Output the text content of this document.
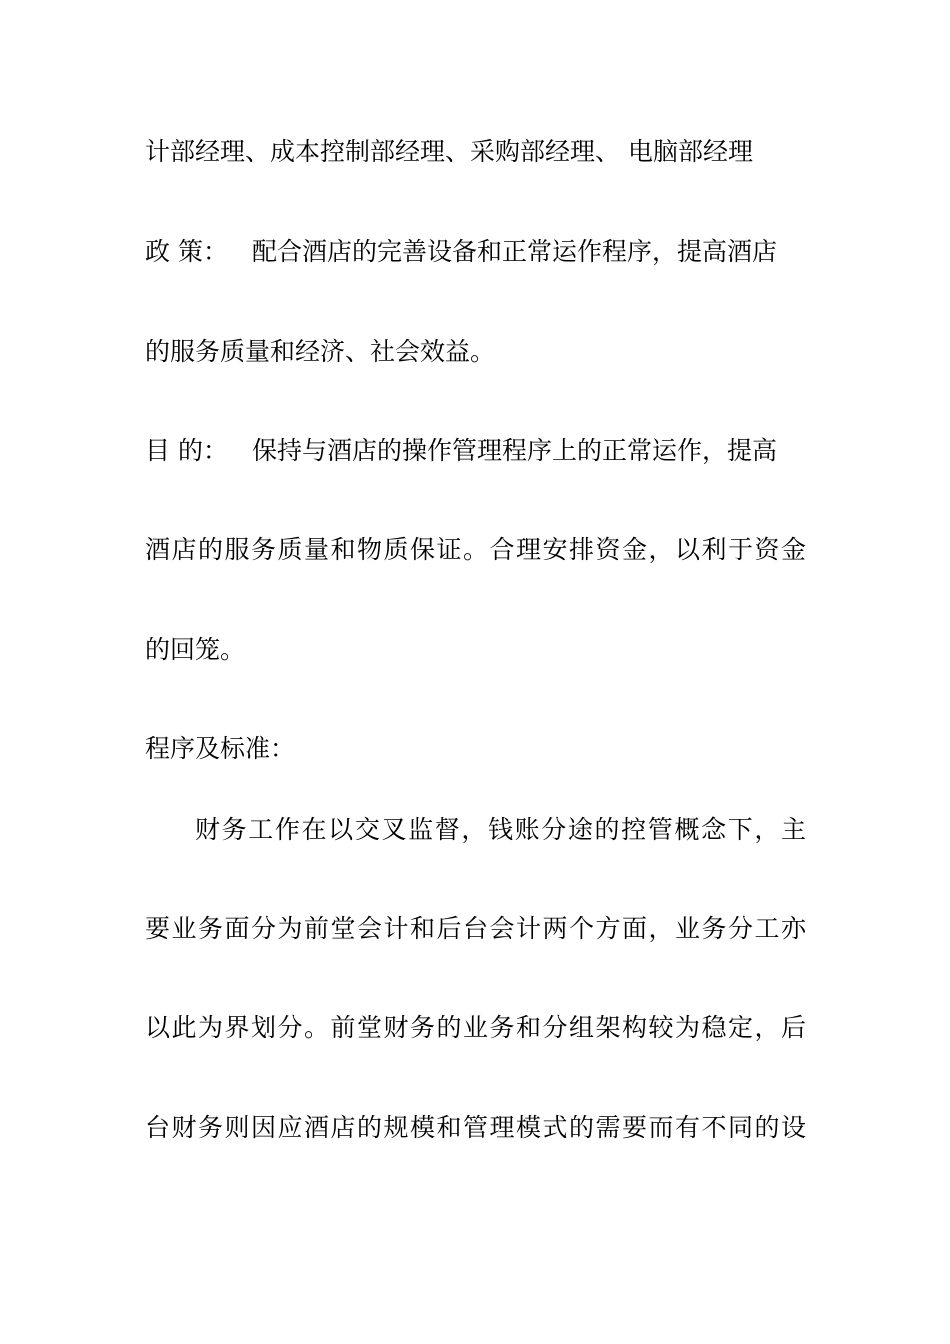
计部经理、成本控制部经理、采购部经理、 电脑部经理
政 策： 配合酒店的完善设备和正常运作程序，提高酒店
的服务质量和经济、社会效益。
目 的： 保持与酒店的操作管理程序上的正常运作，提高
酒店的服务质量和物质保证。合理安排资金，以利于资金
的回笼。
程序及标准：
财务工作在以交叉监督，钱账分途的控管概念下，主
要业务面分为前堂会计和后台会计两个方面，业务分工亦
以此为界划分。前堂财务的业务和分组架构较为稳定，后
台财务则因应酒店的规模和管理模式的需要而有不同的设
